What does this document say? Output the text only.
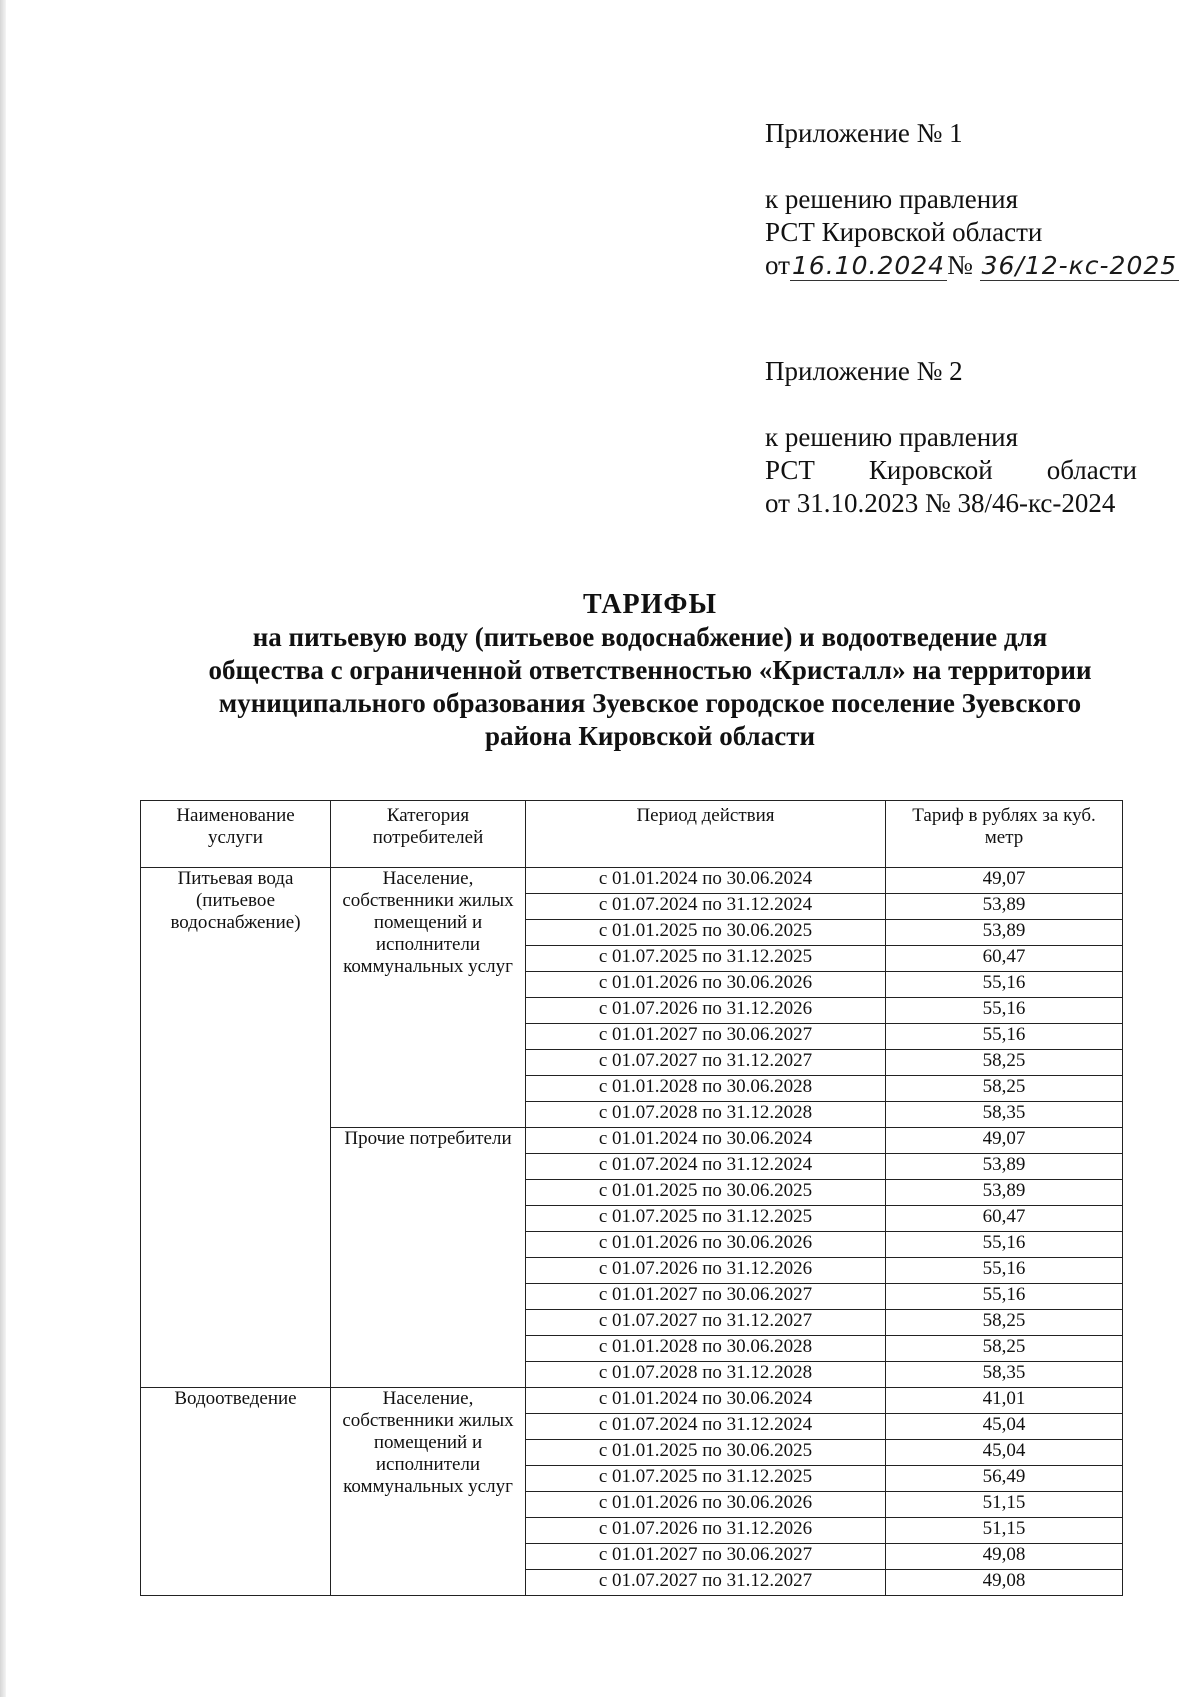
Приложение № 1
к решению правления
РСТ Кировской области
от16.10.2024№ 36/12-кс-2025
Приложение № 2
к решению правления
РСТ Кировской области
от 31.10.2023 № 38/46-кс-2024
ТАРИФЫ
на питьевую воду (питьевое водоснабжение) и водоотведение для
общества с ограниченной ответственностью «Кристалл» на территории
муниципального образования Зуевское городское поселение Зуевского
района Кировской области
Наименование услуги	Категория потребителей	Период действия	Тариф в рублях за куб. метр
Питьевая вода (питьевое водоснабжение)	Население, собственники жилых помещений и исполнители коммунальных услуг	с 01.01.2024 по 30.06.2024	49,07
		с 01.07.2024 по 31.12.2024	53,89
		с 01.01.2025 по 30.06.2025	53,89
		с 01.07.2025 по 31.12.2025	60,47
		с 01.01.2026 по 30.06.2026	55,16
		с 01.07.2026 по 31.12.2026	55,16
		с 01.01.2027 по 30.06.2027	55,16
		с 01.07.2027 по 31.12.2027	58,25
		с 01.01.2028 по 30.06.2028	58,25
		с 01.07.2028 по 31.12.2028	58,35
	Прочие потребители	с 01.01.2024 по 30.06.2024	49,07
		с 01.07.2024 по 31.12.2024	53,89
		с 01.01.2025 по 30.06.2025	53,89
		с 01.07.2025 по 31.12.2025	60,47
		с 01.01.2026 по 30.06.2026	55,16
		с 01.07.2026 по 31.12.2026	55,16
		с 01.01.2027 по 30.06.2027	55,16
		с 01.07.2027 по 31.12.2027	58,25
		с 01.01.2028 по 30.06.2028	58,25
		с 01.07.2028 по 31.12.2028	58,35
Водоотведение	Население, собственники жилых помещений и исполнители коммунальных услуг	с 01.01.2024 по 30.06.2024	41,01
		с 01.07.2024 по 31.12.2024	45,04
		с 01.01.2025 по 30.06.2025	45,04
		с 01.07.2025 по 31.12.2025	56,49
		с 01.01.2026 по 30.06.2026	51,15
		с 01.07.2026 по 31.12.2026	51,15
		с 01.01.2027 по 30.06.2027	49,08
		с 01.07.2027 по 31.12.2027	49,08
